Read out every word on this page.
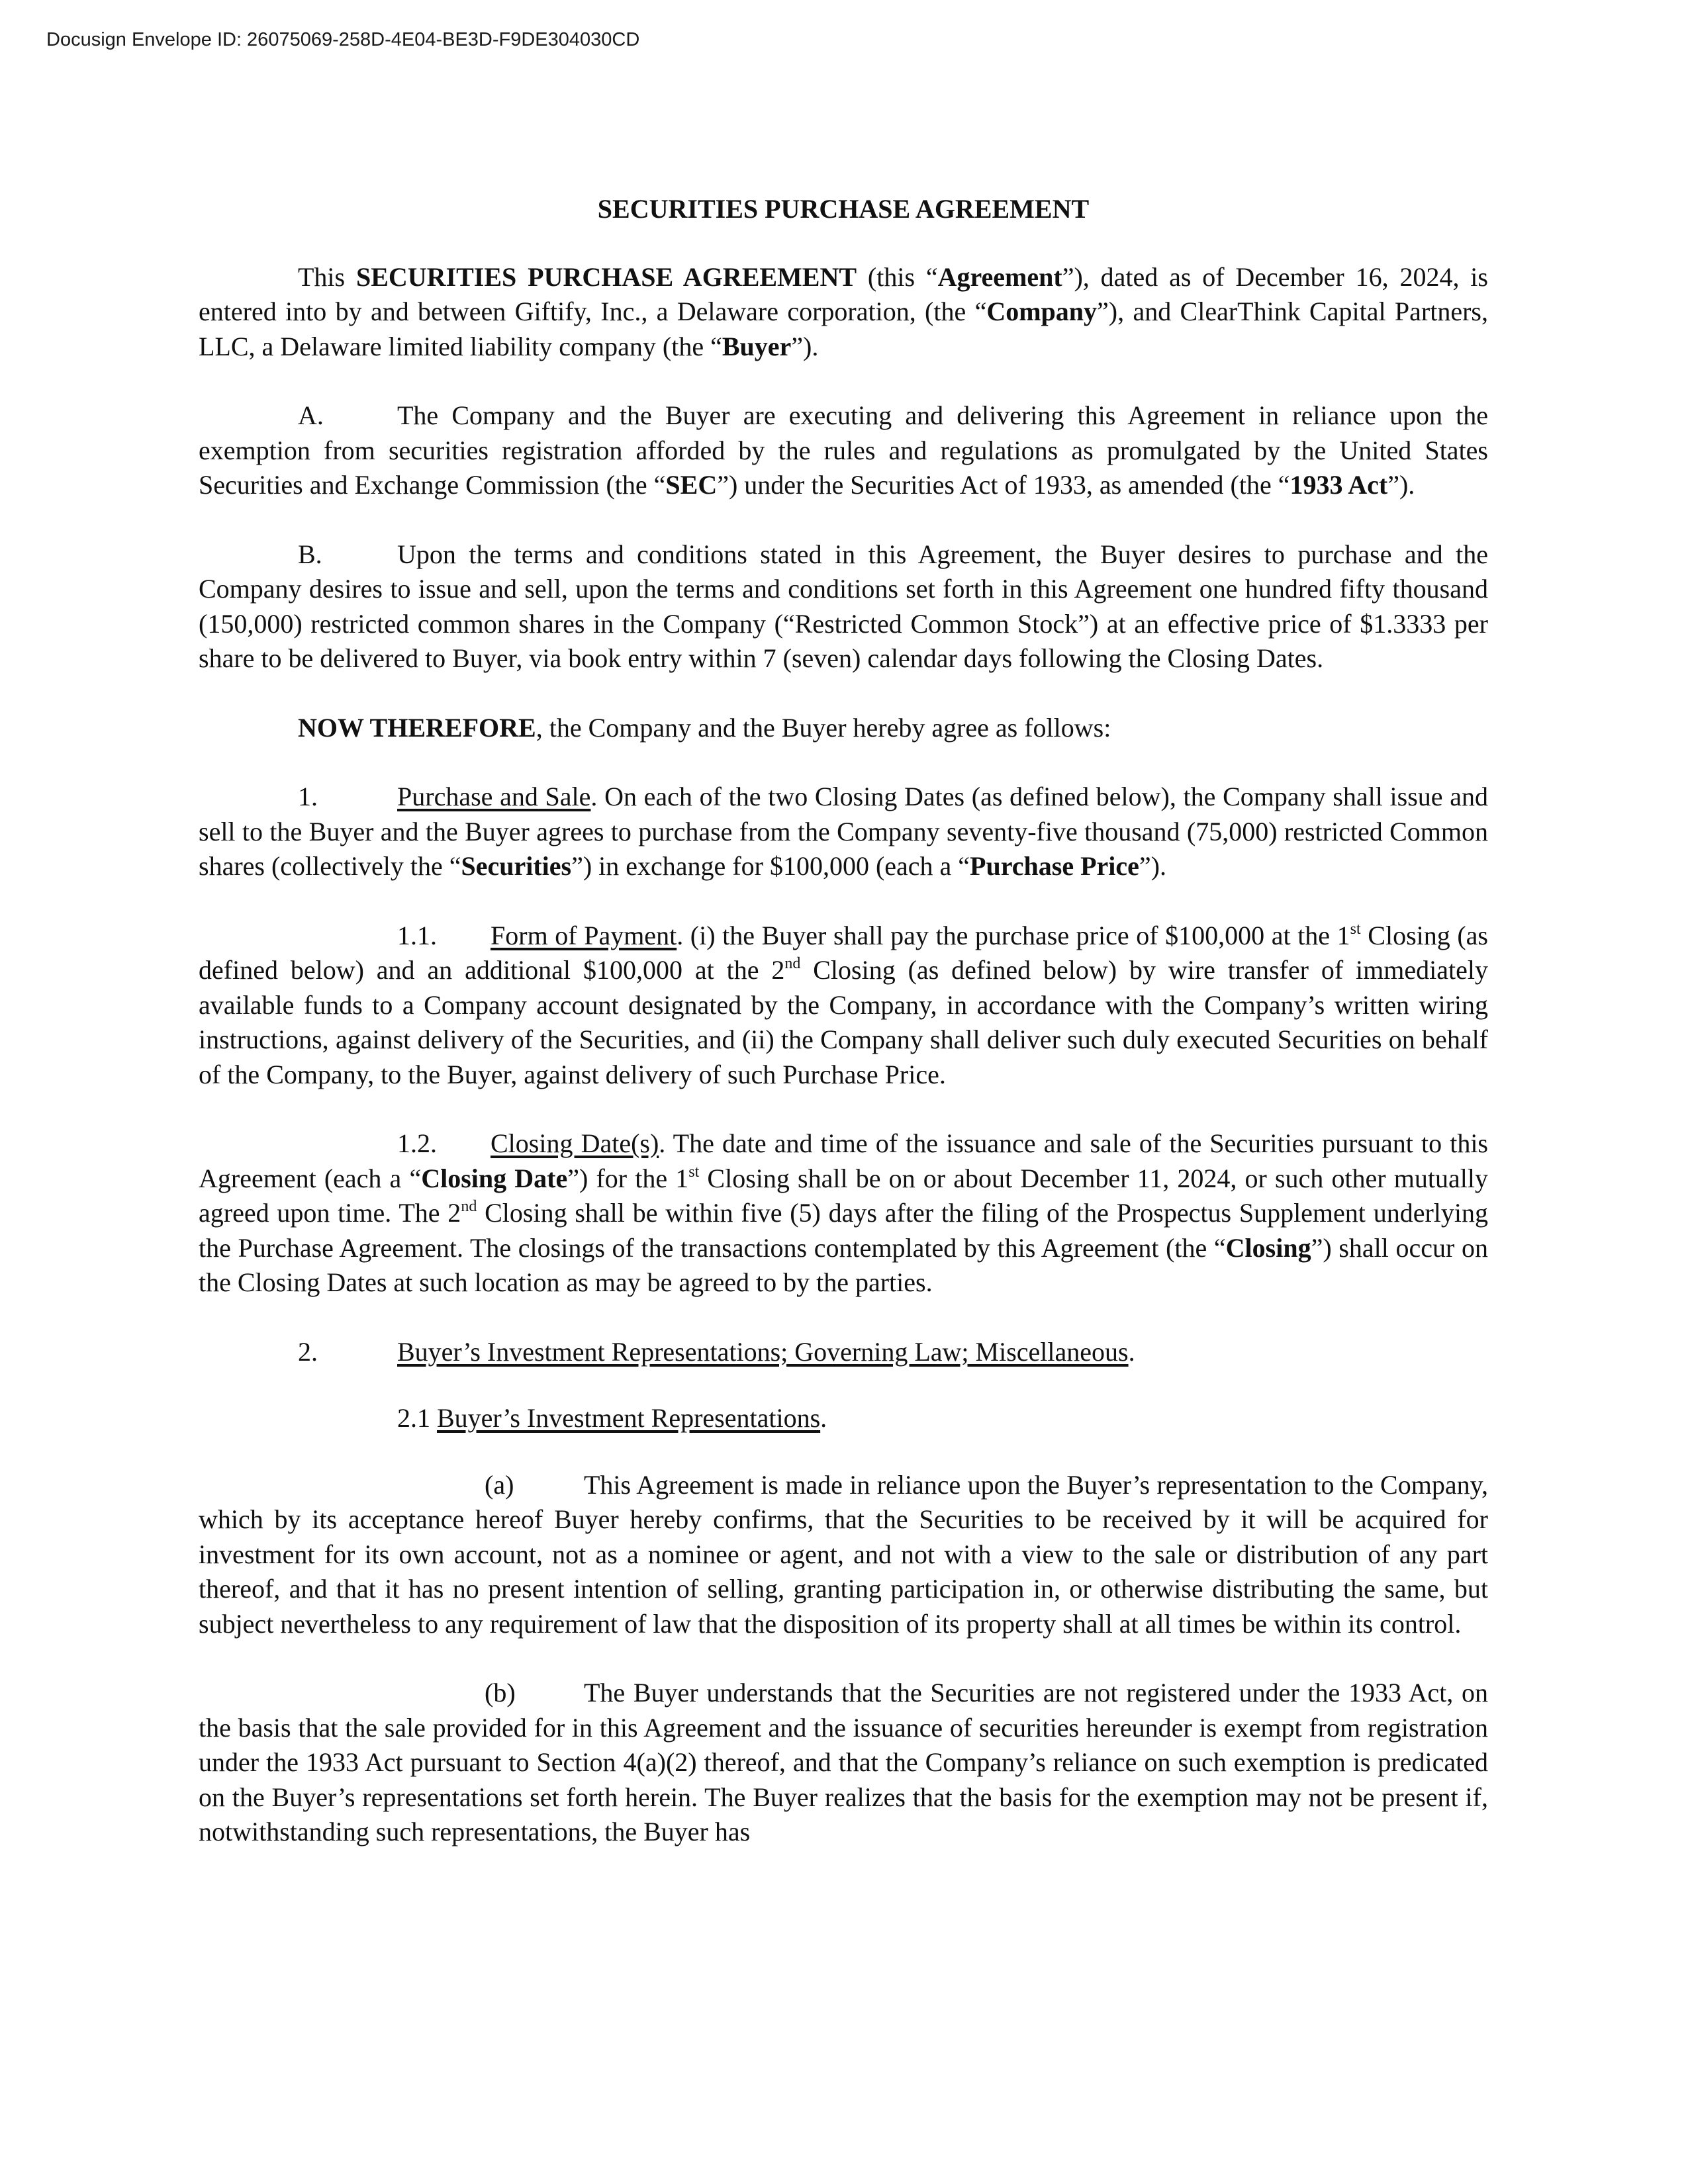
Docusign Envelope ID: 26075069-258D-4E04-BE3D-F9DE304030CD
SECURITIES PURCHASE AGREEMENT

This SECURITIES PURCHASE AGREEMENT (this “Agreement”), dated as of December 16, 2024, is entered into by and between Giftify, Inc., a Delaware corporation, (the “Company”), and ClearThink Capital Partners, LLC, a Delaware limited liability company (the “Buyer”).

A.	The Company and the Buyer are executing and delivering this Agreement in reliance upon the exemption from securities registration afforded by the rules and regulations as promulgated by the United States Securities and Exchange Commission (the “SEC”) under the Securities Act of 1933, as amended (the “1933 Act”).

B.	Upon the terms and conditions stated in this Agreement, the Buyer desires to purchase and the Company desires to issue and sell, upon the terms and conditions set forth in this Agreement one hundred fifty thousand (150,000) restricted common shares in the Company (“Restricted Common Stock”) at an effective price of $1.3333 per share to be delivered to Buyer, via book entry within 7 (seven) calendar days following the Closing Dates.

NOW THEREFORE, the Company and the Buyer hereby agree as follows:

1.	Purchase and Sale. On each of the two Closing Dates (as defined below), the Company shall issue and sell to the Buyer and the Buyer agrees to purchase from the Company seventy-five thousand (75,000) restricted Common shares (collectively the “Securities”) in exchange for $100,000 (each a “Purchase Price”).

1.1. Form of Payment. (i) the Buyer shall pay the purchase price of $100,000 at the 1st Closing (as defined below) and an additional $100,000 at the 2nd Closing (as defined below) by wire transfer of immediately available funds to a Company account designated by the Company, in accordance with the Company’s written wiring instructions, against delivery of the Securities, and (ii) the Company shall deliver such duly executed Securities on behalf of the Company, to the Buyer, against delivery of such Purchase Price.

1.2. Closing Date(s). The date and time of the issuance and sale of the Securities pursuant to this Agreement (each a “Closing Date”) for the 1st Closing shall be on or about December 11, 2024, or such other mutually agreed upon time. The 2nd Closing shall be within five (5) days after the filing of the Prospectus Supplement underlying the Purchase Agreement. The closings of the transactions contemplated by this Agreement (the “Closing”) shall occur on the Closing Dates at such location as may be agreed to by the parties.

2.	Buyer’s Investment Representations; Governing Law; Miscellaneous.

2.1 Buyer’s Investment Representations.

(a)	This Agreement is made in reliance upon the Buyer’s representation to the Company, which by its acceptance hereof Buyer hereby confirms, that the Securities to be received by it will be acquired for investment for its own account, not as a nominee or agent, and not with a view to the sale or distribution of any part thereof, and that it has no present intention of selling, granting participation in, or otherwise distributing the same, but subject nevertheless to any requirement of law that the disposition of its property shall at all times be within its control.

(b)	The Buyer understands that the Securities are not registered under the 1933 Act, on the basis that the sale provided for in this Agreement and the issuance of securities hereunder is exempt from registration under the 1933 Act pursuant to Section 4(a)(2) thereof, and that the Company’s reliance on such exemption is predicated on the Buyer’s representations set forth herein. The Buyer realizes that the basis for the exemption may not be present if, notwithstanding such representations, the Buyer has
